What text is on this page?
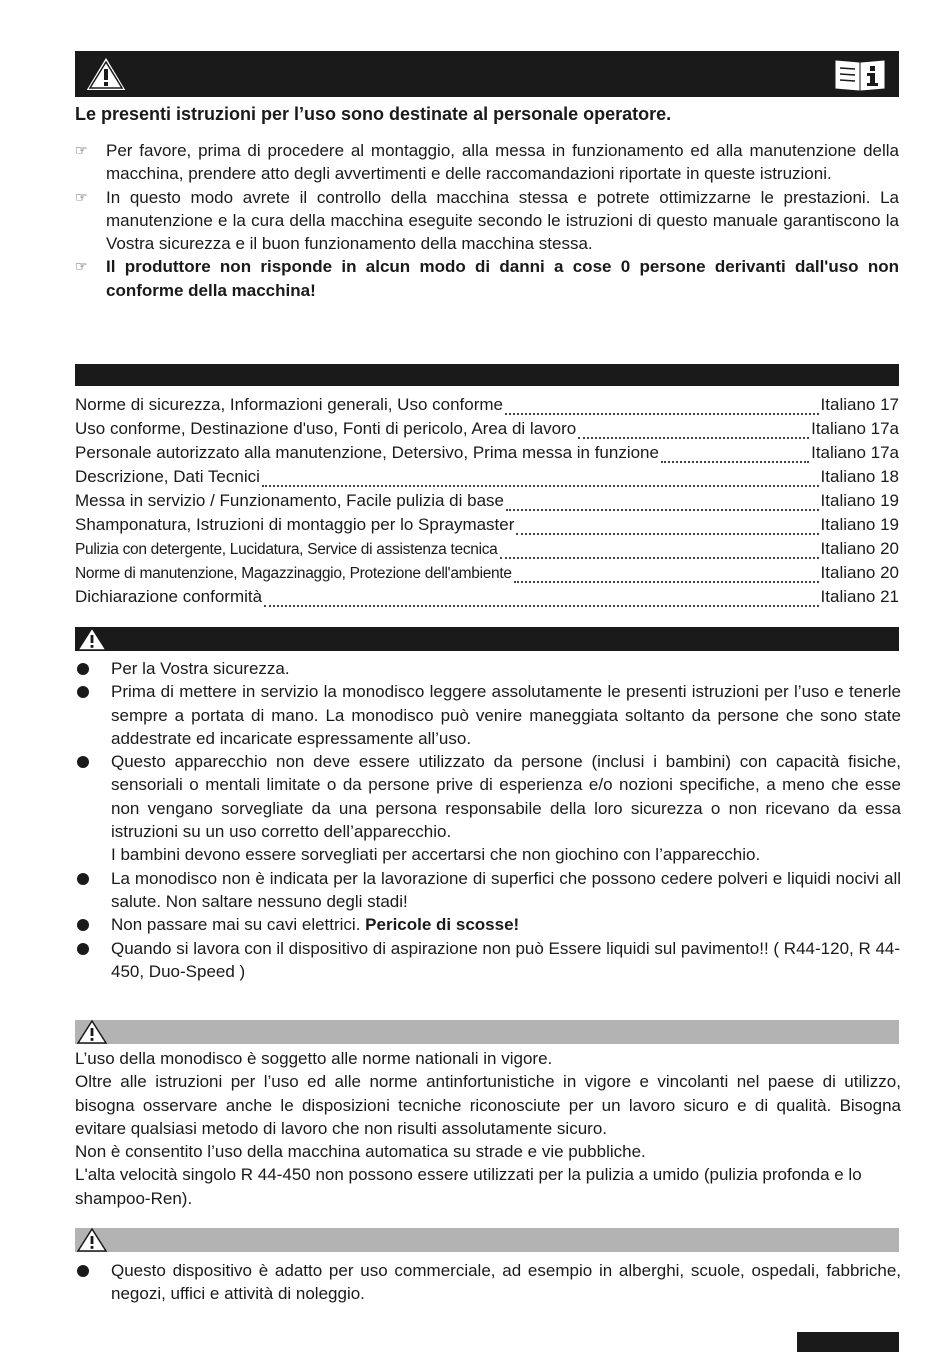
Le presenti istruzioni per l’uso sono destinate al personale operatore.
☞ Per favore, prima di procedere al montaggio, alla messa in funzionamento ed alla manutenzione della macchina, prendere atto degli avvertimenti e delle raccomandazioni riportate in queste istruzioni.
☞ In questo modo avrete il controllo della macchina stessa e potrete ottimizzarne le prestazioni. La manutenzione e la cura della macchina eseguite secondo le istruzioni di questo manuale garantiscono la Vostra sicurezza e il buon funzionamento della macchina stessa.
☞ Il produttore non risponde in alcun modo di danni a cose 0 persone derivanti dall'uso non conforme della macchina!
Norme di sicurezza, Informazioni generali, Uso conforme	Italiano 17
Uso conforme, Destinazione d'uso, Fonti di pericolo, Area di lavoro	Italiano 17a
Personale autorizzato alla manutenzione, Detersivo, Prima messa in funzione	Italiano 17a
Descrizione, Dati Tecnici	Italiano 18
Messa in servizio / Funzionamento, Facile pulizia di base	Italiano 19
Shamponatura, Istruzioni di montaggio per lo Spraymaster	Italiano 19
Pulizia con detergente, Lucidatura, Service di assistenza tecnica	Italiano 20
Norme di manutenzione, Magazzinaggio, Protezione dell'ambiente	Italiano 20
Dichiarazione conformità	Italiano 21
Per la Vostra sicurezza.
Prima di mettere in servizio la monodisco leggere assolutamente le presenti istruzioni per l’uso e tenerle sempre a portata di mano. La monodisco può venire maneggiata soltanto da persone che sono state addestrate ed incaricate espressamente all’uso.
Questo apparecchio non deve essere utilizzato da persone (inclusi i bambini) con capacità fisiche, sensoriali o mentali limitate o da persone prive di esperienza e/o nozioni specifiche, a meno che esse non vengano sorvegliate da una persona responsabile della loro sicurezza o non ricevano da essa istruzioni su un uso corretto dell’apparecchio.
I bambini devono essere sorvegliati per accertarsi che non giochino con l’apparecchio.
La monodisco non è indicata per la lavorazione di superfici che possono cedere polveri e liquidi nocivi all salute. Non saltare nessuno degli stadi!
Non passare mai su cavi elettrici. Pericole di scosse!
Quando si lavora con il dispositivo di aspirazione non può Essere liquidi sul pavimento!! ( R44-120, R 44-450, Duo-Speed )

L’uso della monodisco è soggetto alle norme nationali in vigore.

Oltre alle istruzioni per l’uso ed alle norme antinfortunistiche in vigore e vincolanti nel paese di utilizzo, bisogna osservare anche le disposizioni tecniche riconosciute per un lavoro sicuro e di qualità. Bisogna evitare qualsiasi metodo di lavoro che non risulti assolutamente sicuro.

Non è consentito l’uso della macchina automatica su strade e vie pubbliche.

L'alta velocità singolo R 44-450 non possono essere utilizzati per la pulizia a umido (pulizia profonda e lo shampoo-Ren).

Questo dispositivo è adatto per uso commerciale, ad esempio in alberghi, scuole, ospedali, fabbriche, negozi, uffici e attività di noleggio.
